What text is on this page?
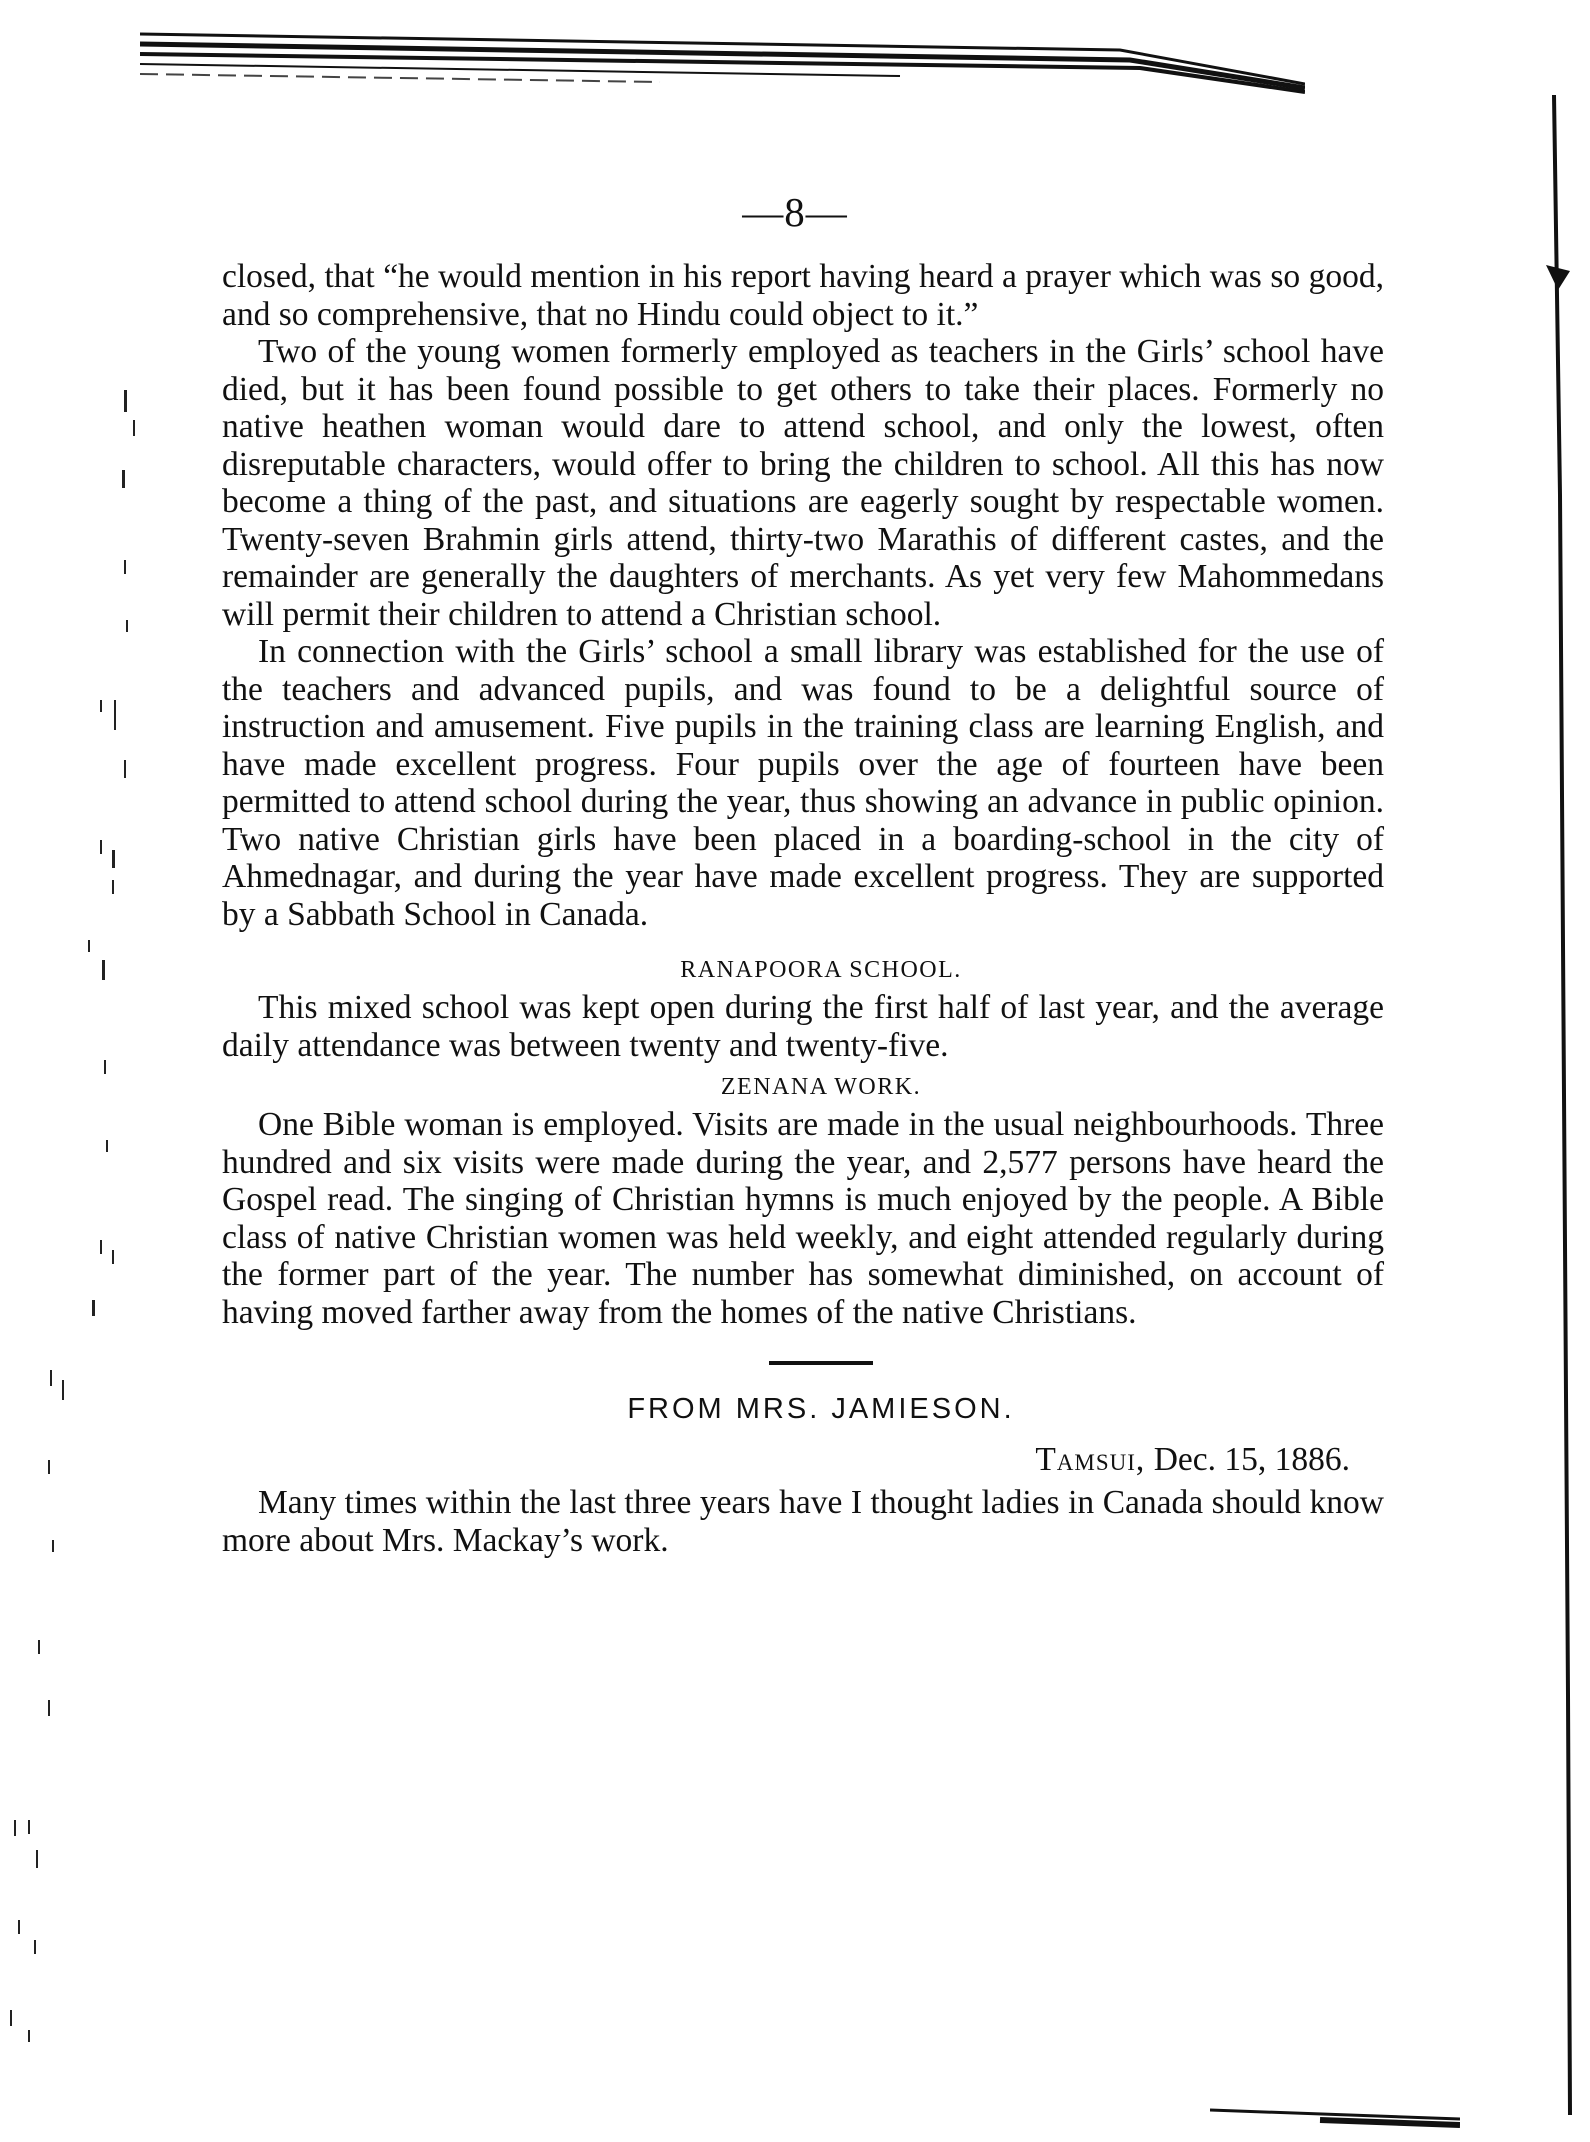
—8—

closed, that “he would mention in his report having heard a prayer which was so good, and so comprehensive, that no Hindu could object to it.”

Two of the young women formerly employed as teachers in the Girls’ school have died, but it has been found possible to get others to take their places. Formerly no native heathen woman would dare to attend school, and only the lowest, often disreputable characters, would offer to bring the children to school. All this has now become a thing of the past, and situations are eagerly sought by respectable women. Twenty-seven Brahmin girls attend, thirty-two Marathis of different castes, and the remainder are generally the daughters of merchants. As yet very few Mahommedans will permit their children to attend a Christian school.

In connection with the Girls’ school a small library was established for the use of the teachers and advanced pupils, and was found to be a delightful source of instruction and amusement. Five pupils in the training class are learning English, and have made excellent progress. Four pupils over the age of fourteen have been permitted to attend school during the year, thus showing an advance in public opinion. Two native Christian girls have been placed in a boarding-school in the city of Ahmednagar, and during the year have made excellent progress. They are supported by a Sabbath School in Canada.

RANAPOORA SCHOOL.

This mixed school was kept open during the first half of last year, and the average daily attendance was between twenty and twenty-five.

ZENANA WORK.

One Bible woman is employed. Visits are made in the usual neighbourhoods. Three hundred and six visits were made during the year, and 2,577 persons have heard the Gospel read. The singing of Christian hymns is much enjoyed by the people. A Bible class of native Christian women was held weekly, and eight attended regularly during the former part of the year. The number has somewhat diminished, on account of having moved farther away from the homes of the native Christians.

FROM MRS. JAMIESON.
Tamsui, Dec. 15, 1886.

Many times within the last three years have I thought ladies in Canada should know more about Mrs. Mackay’s work.
